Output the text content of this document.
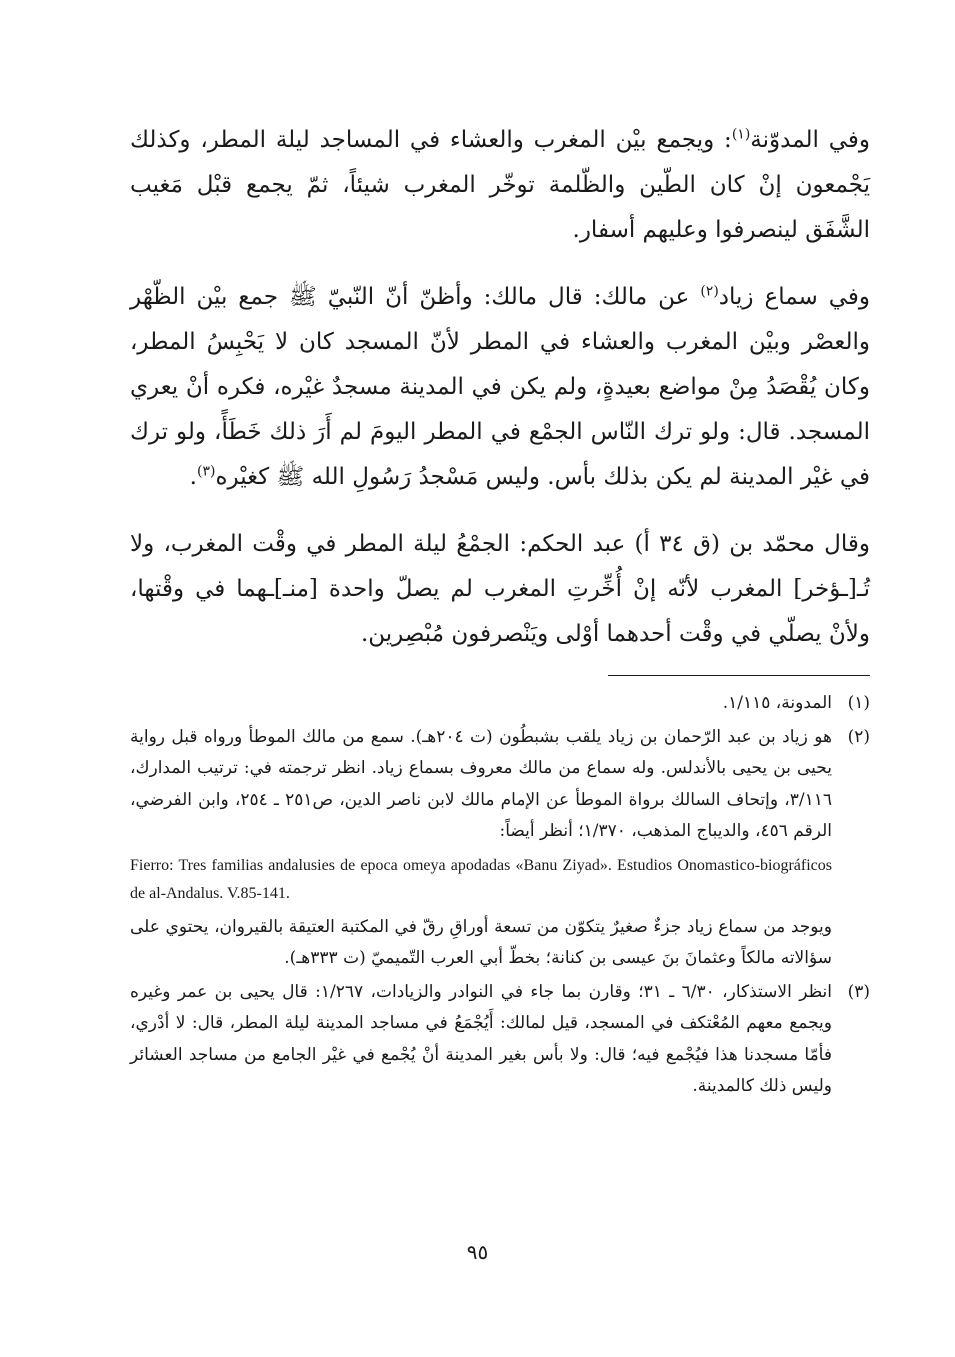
وفي المدوّنة$^{(١)}$: ويجمع بيْن المغرب والعشاء في المساجد ليلة المطر، وكذلك يَجْمعون إنْ كان الطّين والظّلمة توخّر المغرب شيئاً، ثمّ يجمع قبْل مَغيب الشَّفَق لينصرفوا وعليهم أسفار.

وفي سماع زياد$^{(٢)}$ عن مالك: قال مالك: وأظنّ أنّ النّبيّ ﷺ جمع بيْن الظّهْر والعصْر وبيْن المغرب والعشاء في المطر لأنّ المسجد كان لا يَحْبِسُ المطر، وكان يُقْصَدُ مِنْ مواضع بعيدةٍ، ولم يكن في المدينة مسجدٌ غيْره، فكره أنْ يعري المسجد. قال: ولو ترك النّاس الجمْع في المطر اليومَ لم أَرَ ذلك خَطَأً، ولو ترك في غيْر المدينة لم يكن بذلك بأس. وليس مَسْجدُ رَسُولِ الله ﷺ كغيْره$^{(٣)}$.

وقال محمّد بن (ق ٣٤ أ) عبد الحكم: الجمْعُ ليلة المطر في وقْت المغرب، ولا تُـ[ـؤخر] المغرب لأنّه إنْ أُخِّرتِ المغرب لم يصلّ واحدة [منـ]ـهما في وقْتها، ولأنْ يصلّي في وقْت أحدهما أوْلى ويَنْصرفون مُبْصِرين.

(١)

المدونة، ١/١١٥.

(٢)

هو زياد بن عبد الرّحمان بن زياد يلقب بشبطُون (ت ٢٠٤هـ). سمع من مالك الموطأ ورواه قبل رواية يحيى بن يحيى بالأندلس. وله سماع من مالك معروف بسماع زياد. انظر ترجمته في: ترتيب المدارك، ٣/١١٦، وإتحاف السالك برواة الموطأ عن الإمام مالك لابن ناصر الدين، ص٢٥١ ـ ٢٥٤، وابن الفرضي، الرقم ٤٥٦، والديباج المذهب، ١/٣٧٠؛ أنظر أيضاً:

Fierro: Tres familias andalusies de epoca omeya apodadas «Banu Ziyad». Estudios Onomastico-biográficos de al-Andalus. V.85-141.

ويوجد من سماع زياد جزءٌ صغيرٌ يتكوّن من تسعة أوراقِ رقّ في المكتبة العتيقة بالقيروان، يحتوي على سؤالاته مالكاً وعثمانَ بنَ عيسى بن كنانة؛ بخطّ أبي العرب التّميميّ (ت ٣٣٣هـ).

(٣)

انظر الاستذكار، ٦/٣٠ ـ ٣١؛ وقارن بما جاء في النوادر والزيادات، ١/٢٦٧: قال يحيى بن عمر وغيره ويجمع معهم المُعْتكف في المسجد، قيل لمالك: أَيُجْمَعُ في مساجد المدينة ليلة المطر، قال: لا أدْري، فأمّا مسجدنا هذا فيُجْمع فيه؛ قال: ولا بأس بغير المدينة أنْ يُجْمع في غيْر الجامع من مساجد العشائر وليس ذلك كالمدينة.

٩٥
